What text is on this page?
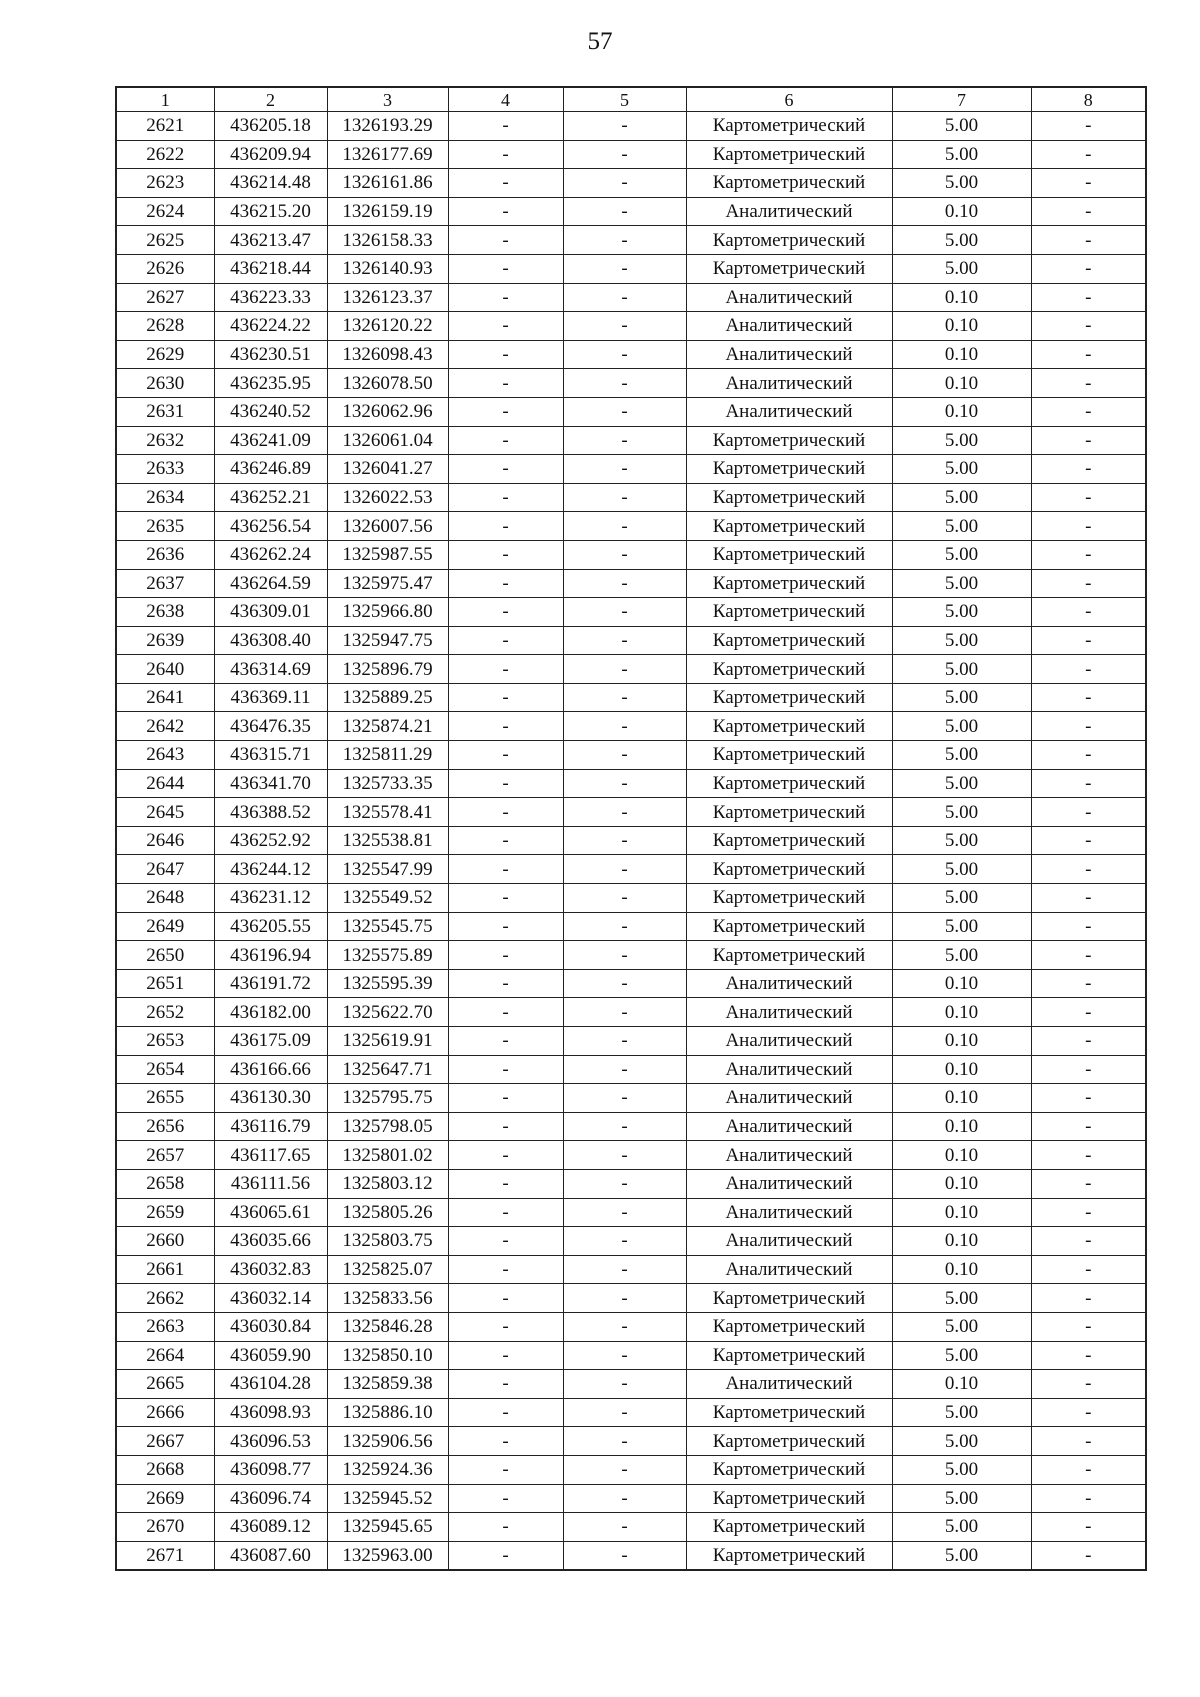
57
1	2	3	4	5	6	7	8
2621	436205.18	1326193.29	-	-	Картометрический	5.00	-
2622	436209.94	1326177.69	-	-	Картометрический	5.00	-
2623	436214.48	1326161.86	-	-	Картометрический	5.00	-
2624	436215.20	1326159.19	-	-	Аналитический	0.10	-
2625	436213.47	1326158.33	-	-	Картометрический	5.00	-
2626	436218.44	1326140.93	-	-	Картометрический	5.00	-
2627	436223.33	1326123.37	-	-	Аналитический	0.10	-
2628	436224.22	1326120.22	-	-	Аналитический	0.10	-
2629	436230.51	1326098.43	-	-	Аналитический	0.10	-
2630	436235.95	1326078.50	-	-	Аналитический	0.10	-
2631	436240.52	1326062.96	-	-	Аналитический	0.10	-
2632	436241.09	1326061.04	-	-	Картометрический	5.00	-
2633	436246.89	1326041.27	-	-	Картометрический	5.00	-
2634	436252.21	1326022.53	-	-	Картометрический	5.00	-
2635	436256.54	1326007.56	-	-	Картометрический	5.00	-
2636	436262.24	1325987.55	-	-	Картометрический	5.00	-
2637	436264.59	1325975.47	-	-	Картометрический	5.00	-
2638	436309.01	1325966.80	-	-	Картометрический	5.00	-
2639	436308.40	1325947.75	-	-	Картометрический	5.00	-
2640	436314.69	1325896.79	-	-	Картометрический	5.00	-
2641	436369.11	1325889.25	-	-	Картометрический	5.00	-
2642	436476.35	1325874.21	-	-	Картометрический	5.00	-
2643	436315.71	1325811.29	-	-	Картометрический	5.00	-
2644	436341.70	1325733.35	-	-	Картометрический	5.00	-
2645	436388.52	1325578.41	-	-	Картометрический	5.00	-
2646	436252.92	1325538.81	-	-	Картометрический	5.00	-
2647	436244.12	1325547.99	-	-	Картометрический	5.00	-
2648	436231.12	1325549.52	-	-	Картометрический	5.00	-
2649	436205.55	1325545.75	-	-	Картометрический	5.00	-
2650	436196.94	1325575.89	-	-	Картометрический	5.00	-
2651	436191.72	1325595.39	-	-	Аналитический	0.10	-
2652	436182.00	1325622.70	-	-	Аналитический	0.10	-
2653	436175.09	1325619.91	-	-	Аналитический	0.10	-
2654	436166.66	1325647.71	-	-	Аналитический	0.10	-
2655	436130.30	1325795.75	-	-	Аналитический	0.10	-
2656	436116.79	1325798.05	-	-	Аналитический	0.10	-
2657	436117.65	1325801.02	-	-	Аналитический	0.10	-
2658	436111.56	1325803.12	-	-	Аналитический	0.10	-
2659	436065.61	1325805.26	-	-	Аналитический	0.10	-
2660	436035.66	1325803.75	-	-	Аналитический	0.10	-
2661	436032.83	1325825.07	-	-	Аналитический	0.10	-
2662	436032.14	1325833.56	-	-	Картометрический	5.00	-
2663	436030.84	1325846.28	-	-	Картометрический	5.00	-
2664	436059.90	1325850.10	-	-	Картометрический	5.00	-
2665	436104.28	1325859.38	-	-	Аналитический	0.10	-
2666	436098.93	1325886.10	-	-	Картометрический	5.00	-
2667	436096.53	1325906.56	-	-	Картометрический	5.00	-
2668	436098.77	1325924.36	-	-	Картометрический	5.00	-
2669	436096.74	1325945.52	-	-	Картометрический	5.00	-
2670	436089.12	1325945.65	-	-	Картометрический	5.00	-
2671	436087.60	1325963.00	-	-	Картометрический	5.00	-
